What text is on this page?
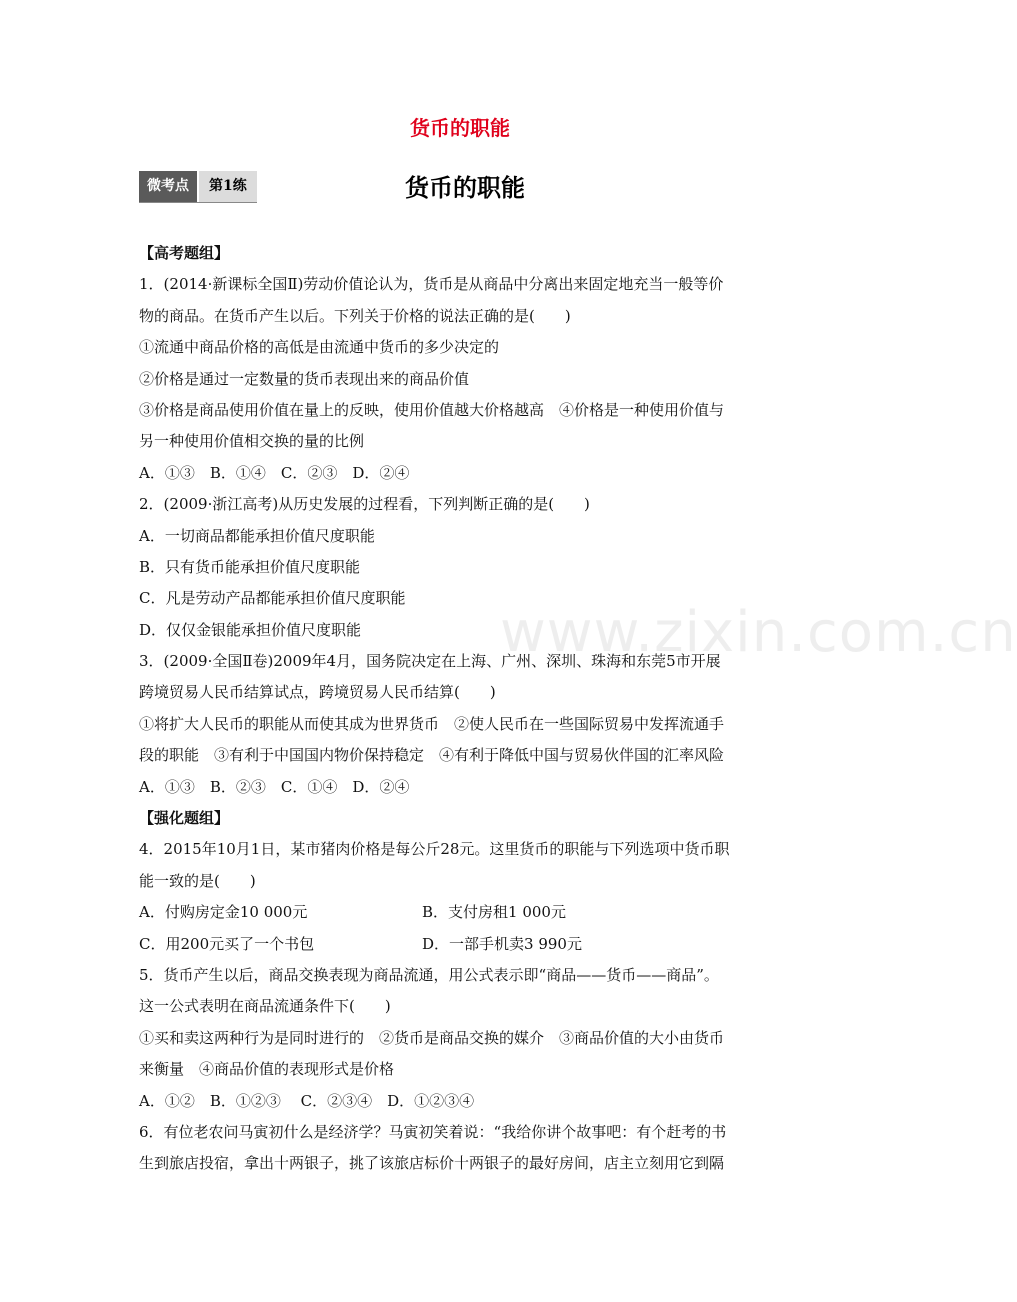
货币的职能
微考点	第1练	货币的职能
www.zixin.com.cn
【高考题组】
1．(2014·新课标全国Ⅱ)劳动价值论认为，货币是从商品中分离出来固定地充当一般等价
物的商品。在货币产生以后。下列关于价格的说法正确的是(　　)
①流通中商品价格的高低是由流通中货币的多少决定的
②价格是通过一定数量的货币表现出来的商品价值
③价格是商品使用价值在量上的反映，使用价值越大价格越高　④价格是一种使用价值与
另一种使用价值相交换的量的比例
A．①③　B．①④　C．②③　D．②④
2．(2009·浙江高考)从历史发展的过程看，下列判断正确的是(　　)
A．一切商品都能承担价值尺度职能
B．只有货币能承担价值尺度职能
C．凡是劳动产品都能承担价值尺度职能
D．仅仅金银能承担价值尺度职能
3．(2009·全国Ⅱ卷)2009年4月，国务院决定在上海、广州、深圳、珠海和东莞5市开展
跨境贸易人民币结算试点，跨境贸易人民币结算(　　)
①将扩大人民币的职能从而使其成为世界货币　②使人民币在一些国际贸易中发挥流通手
段的职能　③有利于中国国内物价保持稳定　④有利于降低中国与贸易伙伴国的汇率风险
A．①③　B．②③　C．①④　D．②④
【强化题组】
4．2015年10月1日，某市猪肉价格是每公斤28元。这里货币的职能与下列选项中货币职
能一致的是(　　)
A．付购房定金10 000元	B．支付房租1 000元
C．用200元买了一个书包	D．一部手机卖3 990元
5．货币产生以后，商品交换表现为商品流通，用公式表示即“商品——货币——商品”。
这一公式表明在商品流通条件下(　　)
①买和卖这两种行为是同时进行的　②货币是商品交换的媒介　③商品价值的大小由货币
来衡量　④商品价值的表现形式是价格
A．①②　B．①②③　 C．②③④　D．①②③④
6．有位老农问马寅初什么是经济学？马寅初笑着说：“我给你讲个故事吧：有个赶考的书
生到旅店投宿，拿出十两银子，挑了该旅店标价十两银子的最好房间，店主立刻用它到隔
